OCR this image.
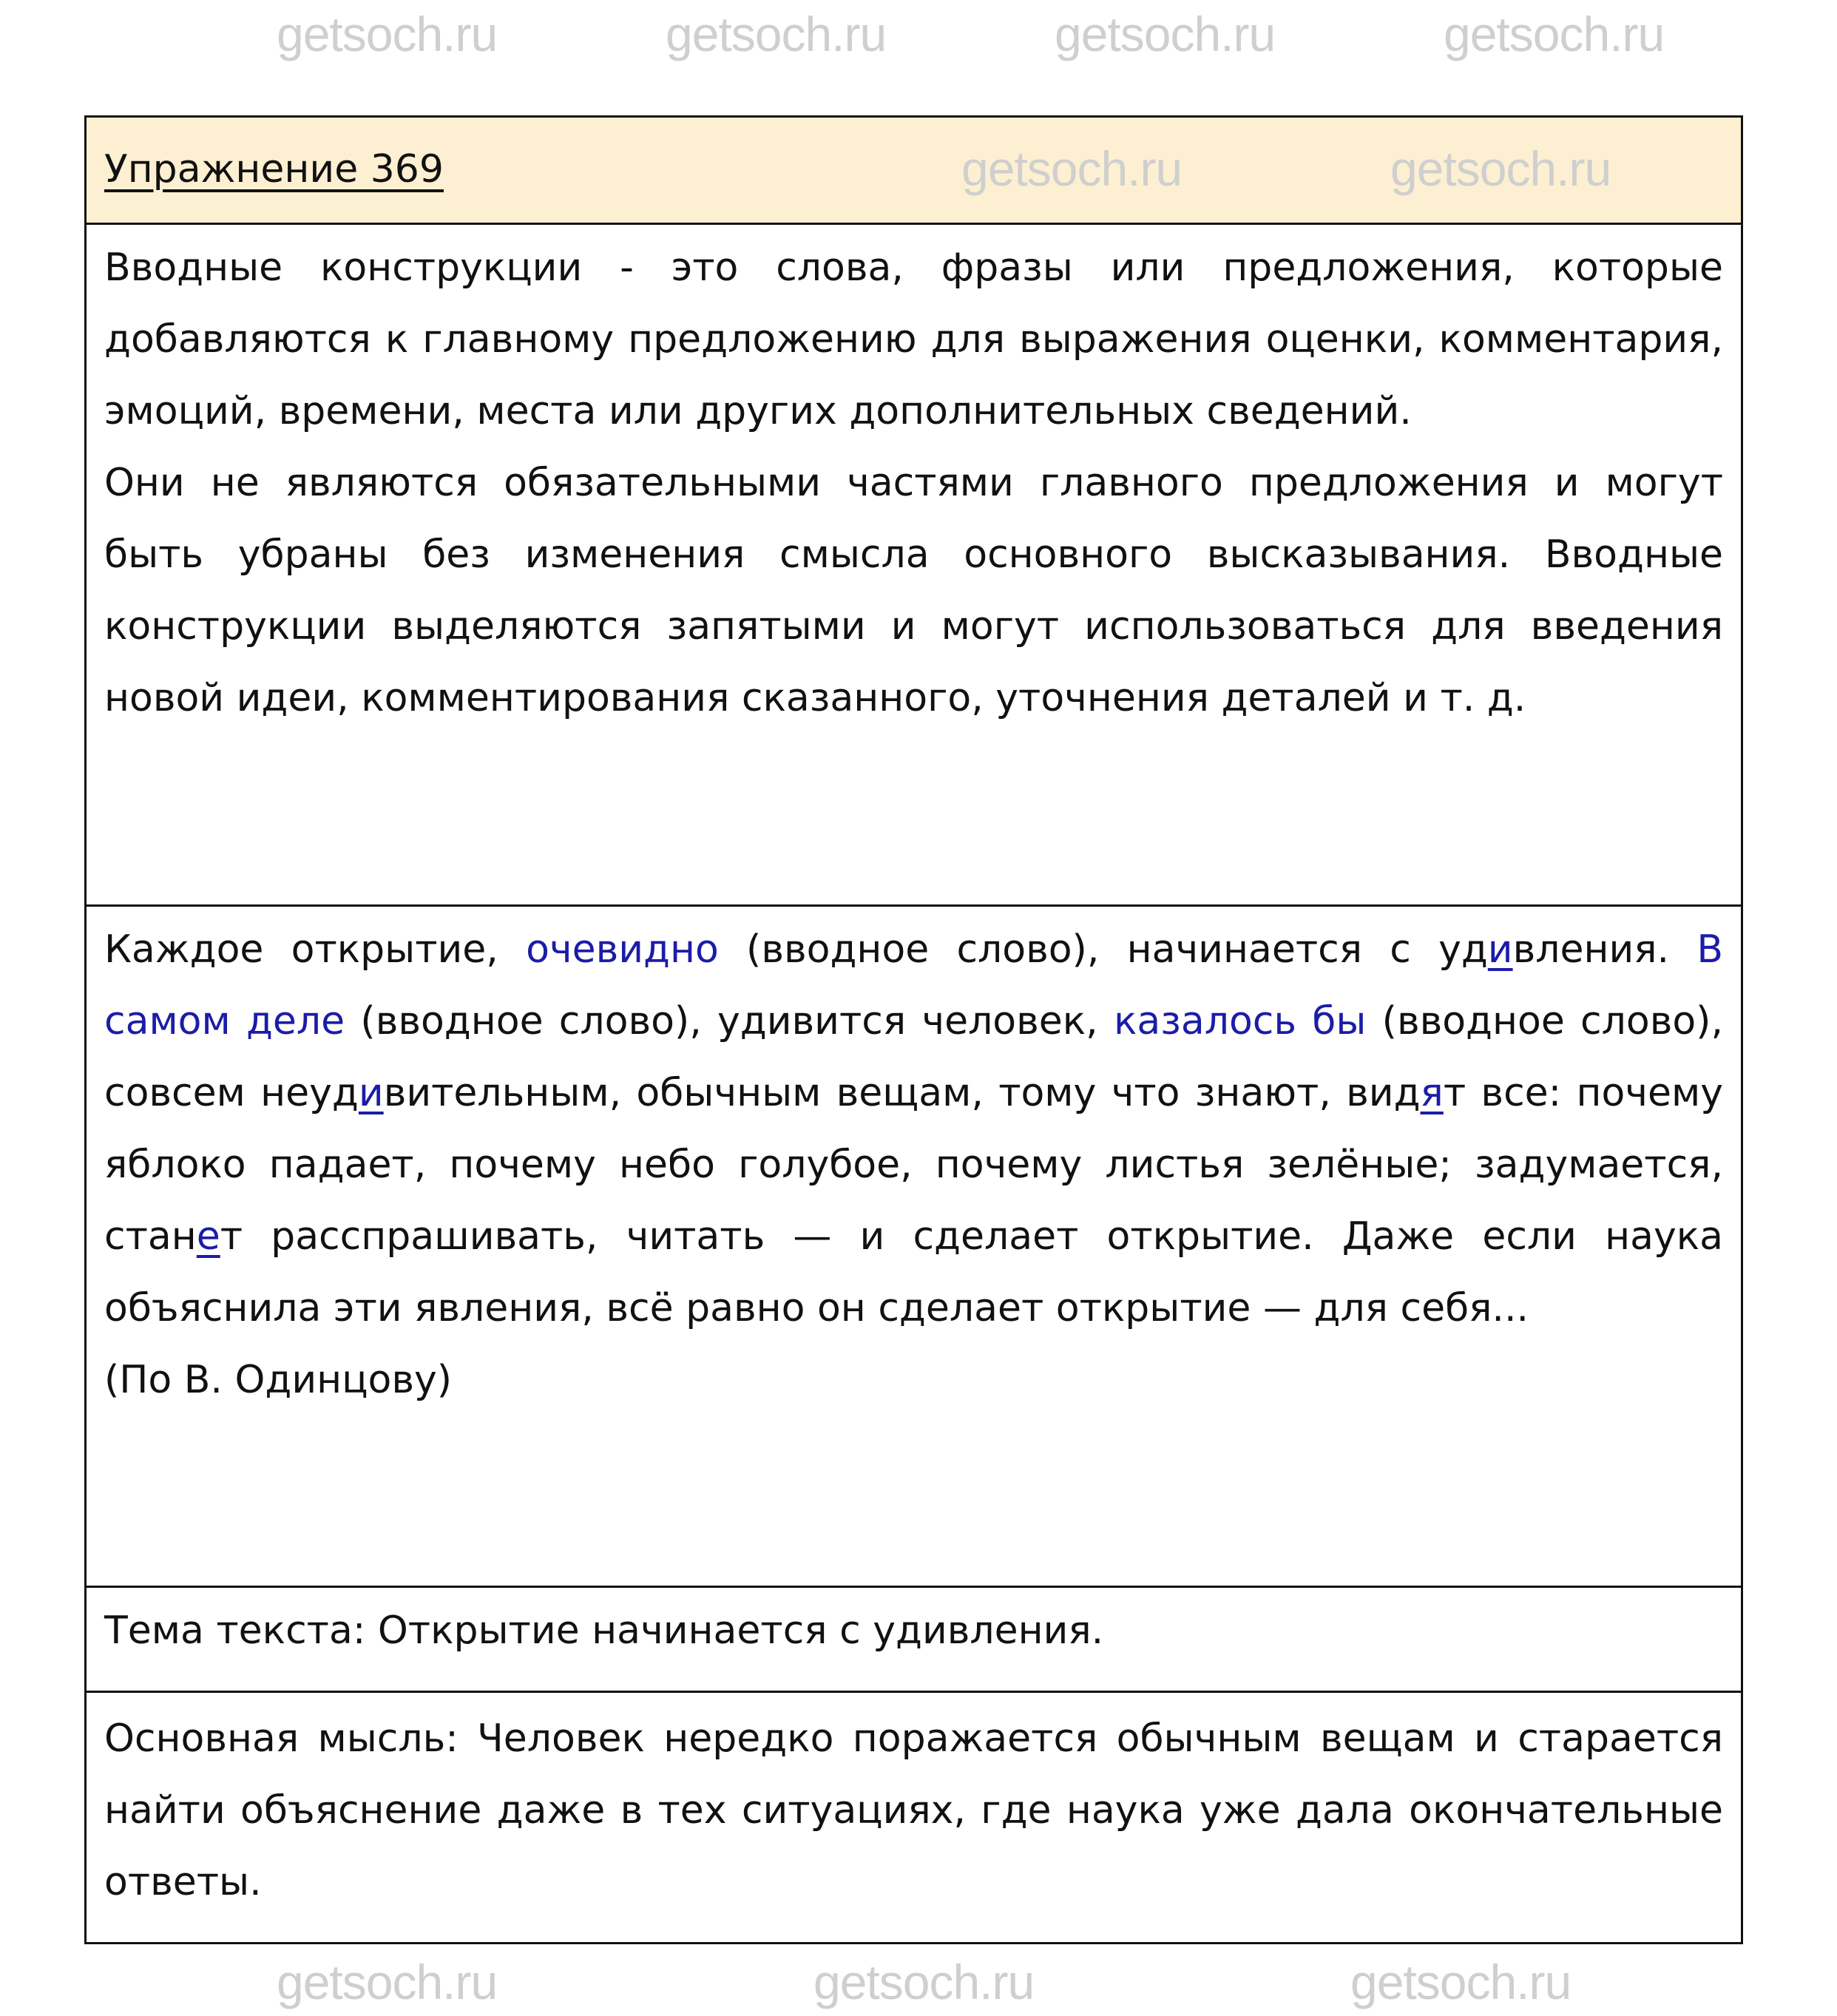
getsoch.ru	getsoch.ru	getsoch.ru	getsoch.ru
getsoch.ru	getsoch.ru
getsoch.ru	getsoch.ru	getsoch.ru
Упражнение 369

Вводные конструкции - это слова, фразы или предложения, которые добавляются к главному предложению для выражения оценки, комментария, эмоций, времени, места или других дополнительных сведений.

Они не являются обязательными частями главного предложения и могут быть убраны без изменения смысла основного высказывания. Вводные конструкции выделяются запятыми и могут использоваться для введения новой идеи, комментирования сказанного, уточнения деталей и т. д.

Каждое открытие, очевидно (вводное слово), начинается с удивления. В самом деле (вводное слово), удивится человек, казалось бы (вводное слово), совсем неудивительным, обычным вещам, тому что знают, видят все: почему яблоко падает, почему небо голубое, почему листья зелёные; задумается, станет расспрашивать, читать — и сделает открытие. Даже если наука объяснила эти явления, всё равно он сделает открытие — для себя...

(По В. Одинцову)

Тема текста: Открытие начинается с удивления.

Основная мысль: Человек нередко поражается обычным вещам и старается найти объяснение даже в тех ситуациях, где наука уже дала окончательные ответы.
